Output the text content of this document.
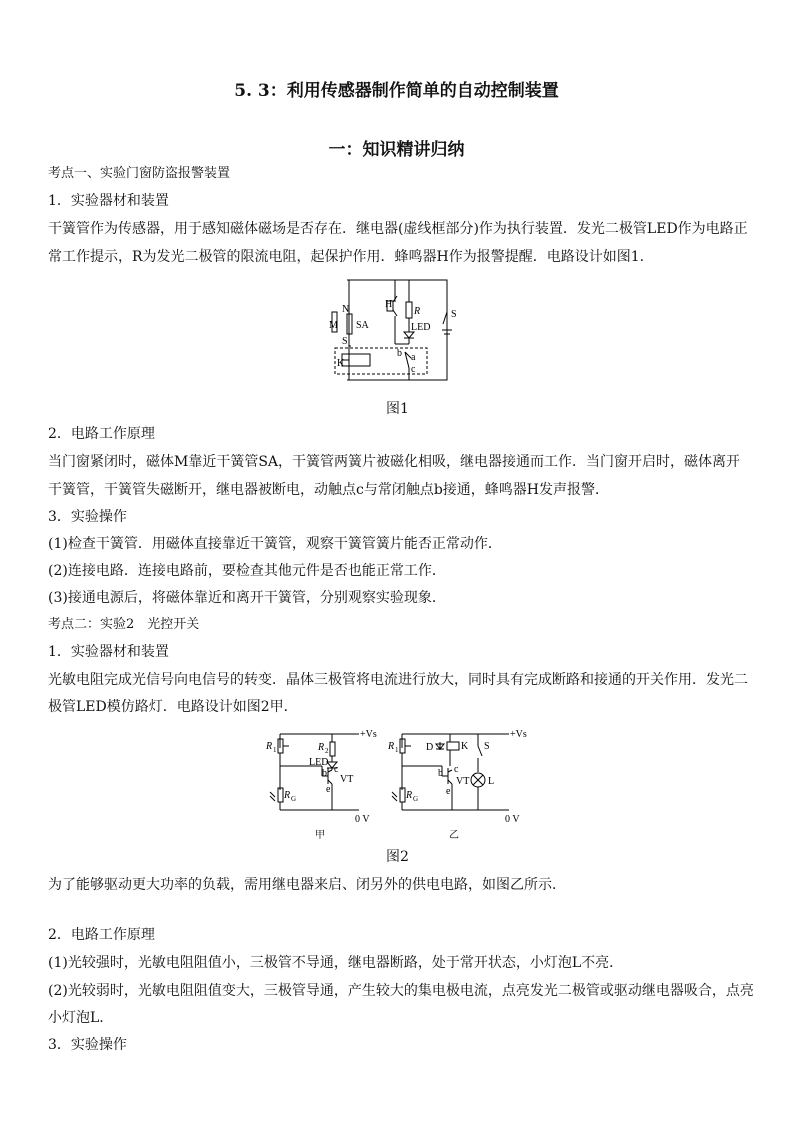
5. 3：利用传感器制作简单的自动控制装置
一：知识精讲归纳
考点一、实验门窗防盗报警装置
1．实验器材和装置
干簧管作为传感器，用于感知磁体磁场是否存在．继电器(虚线框部分)作为执行装置．发光二极管LED作为电路正
常工作提示，R为发光二极管的限流电阻，起保护作用．蜂鸣器H作为报警提醒．电路设计如图1.
N
M
S
SA
H
R
LED
S
K
b a
c
图1
2．电路工作原理
当门窗紧闭时，磁体M靠近干簧管SA，干簧管两簧片被磁化相吸，继电器接通而工作．当门窗开启时，磁体离开
干簧管，干簧管失磁断开，继电器被断电，动触点c与常闭触点b接通，蜂鸣器H发声报警．
3．实验操作
(1)检查干簧管．用磁体直接靠近干簧管，观察干簧管簧片能否正常动作．
(2)连接电路．连接电路前，要检查其他元件是否也能正常工作．
(3)接通电源后，将磁体靠近和离开干簧管，分别观察实验现象．
考点二：实验2　光控开关
1．实验器材和装置
光敏电阻完成光信号向电信号的转变．晶体三极管将电流进行放大，同时具有完成断路和接通的开关作用．发光二
极管LED模仿路灯．电路设计如图2甲．
+Vs
R 1	R 2
LED
b c
VT
e
R G
0 V
甲
+Vs
R 1	D	K S
b c
VT
e
L
R G
0 V
乙
图2
为了能够驱动更大功率的负载，需用继电器来启、闭另外的供电电路，如图乙所示．
2．电路工作原理
(1)光较强时，光敏电阻阻值小，三极管不导通，继电器断路，处于常开状态，小灯泡L不亮．
(2)光较弱时，光敏电阻阻值变大，三极管导通，产生较大的集电极电流，点亮发光二极管或驱动继电器吸合，点亮
小灯泡L.
3．实验操作
